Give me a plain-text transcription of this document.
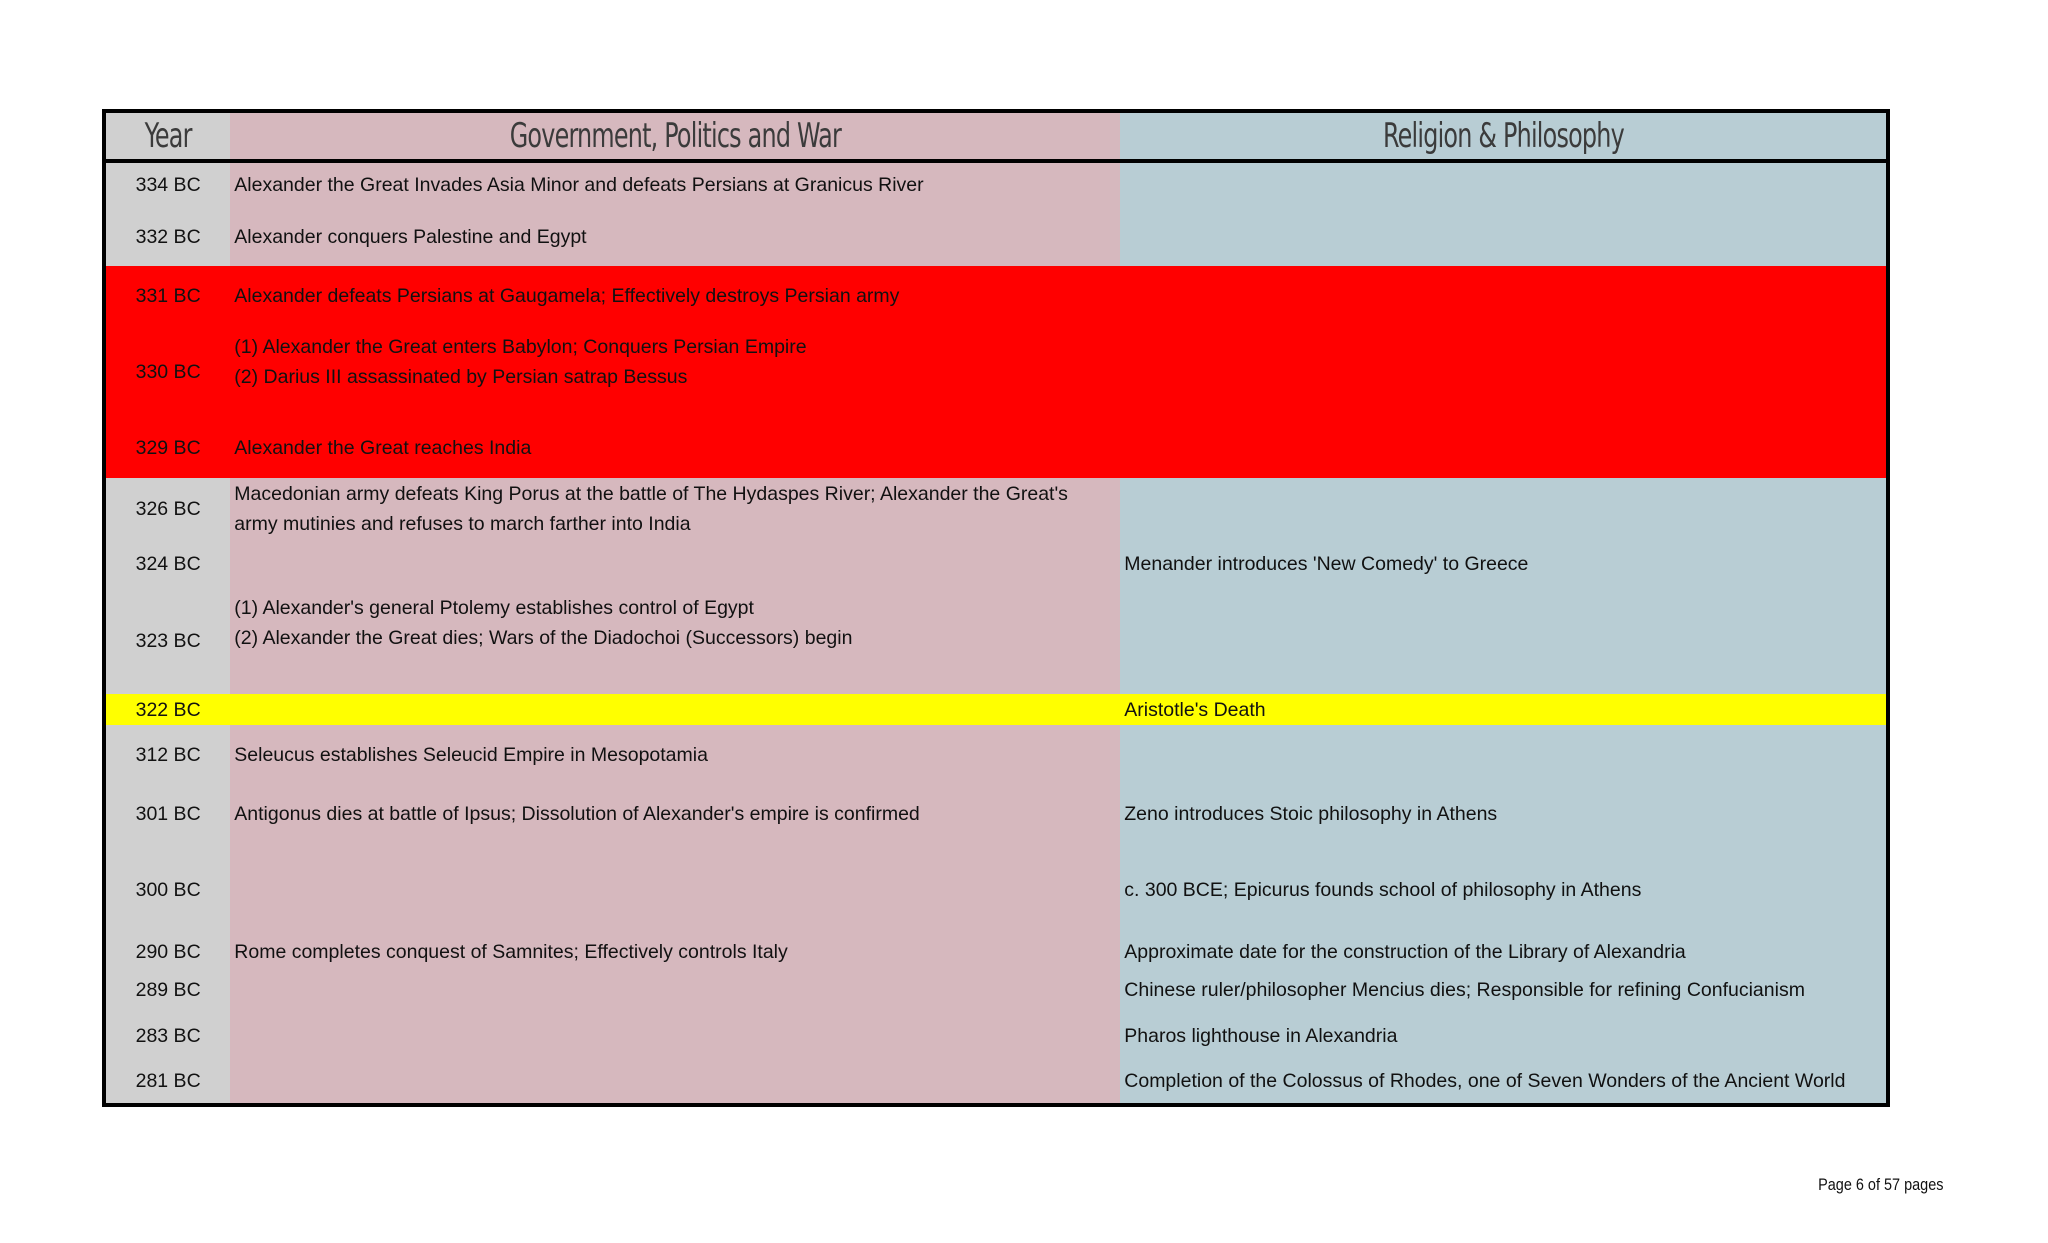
Year	Government, Politics and War	Religion & Philosophy
334 BC	Alexander the Great Invades Asia Minor and defeats Persians at Granicus River	

332 BC	Alexander conquers Palestine and Egypt	

331 BC	Alexander defeats Persians at Gaugamela; Effectively destroys Persian army	

330 BC	(1) Alexander the Great enters Babylon; Conquers Persian Empire
(2) Darius III assassinated by Persian satrap Bessus	

329 BC	Alexander the Great reaches India	

326 BC	Macedonian army defeats King Porus at the battle of The Hydaspes River; Alexander the Great's
army mutinies and refuses to march farther into India	

324 BC		Menander introduces 'New Comedy' to Greece

323 BC	(1) Alexander's general Ptolemy establishes control of Egypt
(2) Alexander the Great dies; Wars of the Diadochoi (Successors) begin	

322 BC		Aristotle's Death

312 BC	Seleucus establishes Seleucid Empire in Mesopotamia	

301 BC	Antigonus dies at battle of Ipsus; Dissolution of Alexander's empire is confirmed	Zeno introduces Stoic philosophy in Athens

300 BC		c. 300 BCE; Epicurus founds school of philosophy in Athens

290 BC	Rome completes conquest of Samnites; Effectively controls Italy	Approximate date for the construction of the Library of Alexandria

289 BC		Chinese ruler/philosopher Mencius dies; Responsible for refining Confucianism

283 BC		Pharos lighthouse in Alexandria

281 BC		Completion of the Colossus of Rhodes, one of Seven Wonders of the Ancient World
Page 6 of 57 pages
